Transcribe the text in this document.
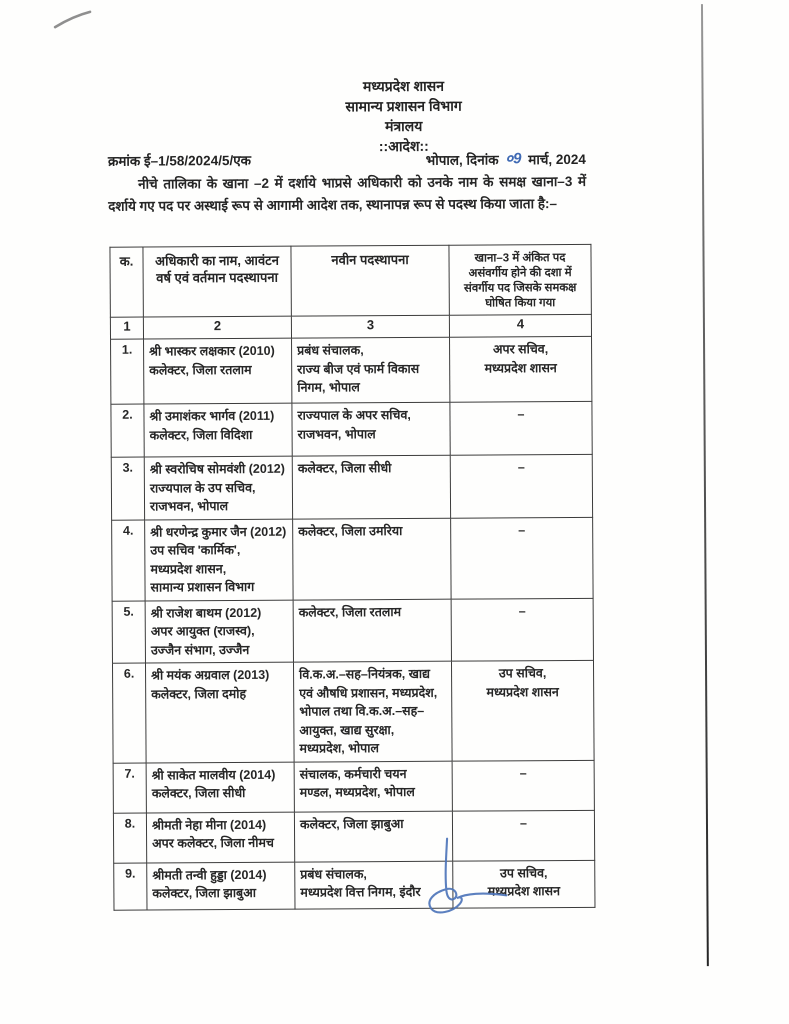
मध्यप्रदेश शासन
सामान्य प्रशासन विभाग
मंत्रालय
::आदेश::
क्रमांक ई–1/58/2024/5/एक	भोपाल, दिनांक ०9 मार्च, 2024

नीचे तालिका के खाना –2 में दर्शाये भाप्रसे अधिकारी को उनके नाम के समक्ष खाना–3 में दर्शाये गए पद पर अस्थाई रूप से आगामी आदेश तक, स्थानापन्न रूप से पदस्थ किया जाता है:–

क.	अधिकारी का नाम, आवंटन वर्ष एवं वर्तमान पदस्थापना	नवीन पदस्थापना	खाना–3 में अंकित पद असंवर्गीय होने की दशा में संवर्गीय पद जिसके समकक्ष घोषित किया गया
1	2	3	4
1.	श्री भास्कर लक्षकार (2010)
कलेक्टर, जिला रतलाम	प्रबंध संचालक,
राज्य बीज एवं फार्म विकास
निगम, भोपाल	अपर सचिव,
मध्यप्रदेश शासन
2.	श्री उमाशंकर भार्गव (2011)
कलेक्टर, जिला विदिशा	राज्यपाल के अपर सचिव,
राजभवन, भोपाल	–
3.	श्री स्वरोचिष सोमवंशी (2012)
राज्यपाल के उप सचिव,
राजभवन, भोपाल	कलेक्टर, जिला सीधी	–
4.	श्री धरणेन्द्र कुमार जैन (2012)
उप सचिव 'कार्मिक',
मध्यप्रदेश शासन,
सामान्य प्रशासन विभाग	कलेक्टर, जिला उमरिया	–
5.	श्री राजेश बाथम (2012)
अपर आयुक्त (राजस्व),
उज्जैन संभाग, उज्जैन	कलेक्टर, जिला रतलाम	–
6.	श्री मयंक अग्रवाल (2013)
कलेक्टर, जिला दमोह	वि.क.अ.–सह–नियंत्रक, खाद्य
एवं औषधि प्रशासन, मध्यप्रदेश,
भोपाल तथा वि.क.अ.–सह–
आयुक्त, खाद्य सुरक्षा,
मध्यप्रदेश, भोपाल	उप सचिव,
मध्यप्रदेश शासन
7.	श्री साकेत मालवीय (2014)
कलेक्टर, जिला सीधी	संचालक, कर्मचारी चयन
मण्डल, मध्यप्रदेश, भोपाल	–
8.	श्रीमती नेहा मीना (2014)
अपर कलेक्टर, जिला नीमच	कलेक्टर, जिला झाबुआ	–
9.	श्रीमती तन्वी हुड्डा (2014)
कलेक्टर, जिला झाबुआ	प्रबंध संचालक,
मध्यप्रदेश वित्त निगम, इंदौर	उप सचिव,
मध्यप्रदेश शासन
